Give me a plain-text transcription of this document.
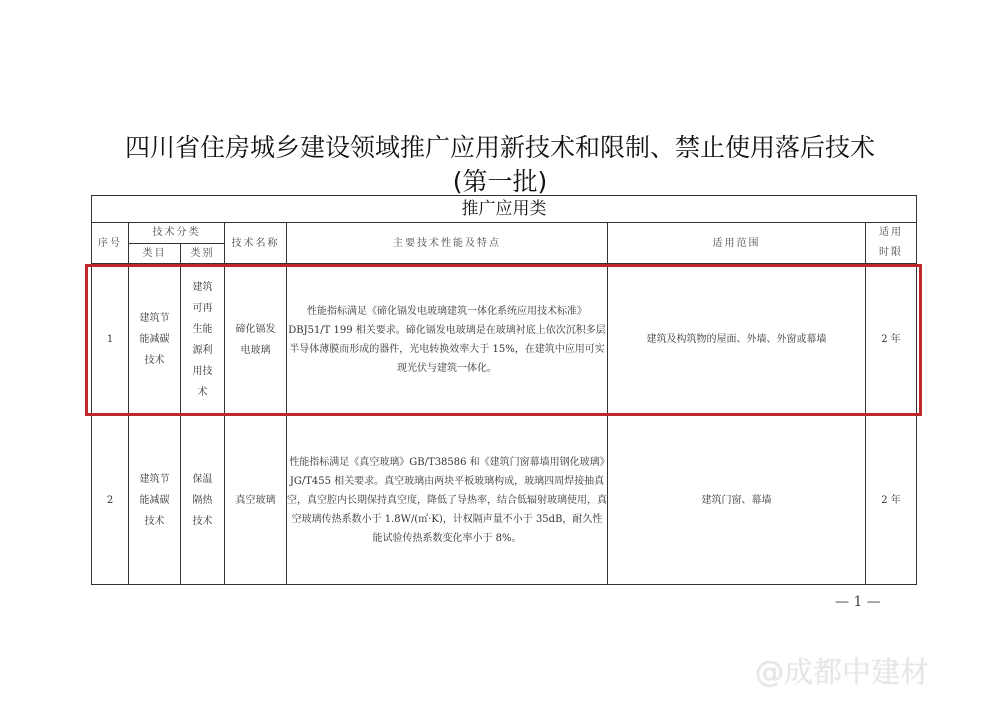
四川省住房城乡建设领域推广应用新技术和限制、禁止使用落后技术
(第一批)
推广应用类						
序号	技术分类		技术名称	主要技术性能及特点	适用范围	适用时限
	类目	类别				
1	建筑节能减碳技术	建筑可再生能源利用技术	碲化镉发电玻璃	性能指标满足《碲化镉发电玻璃建筑一体化系统应用技术标准》DBJ51/T 199 相关要求。碲化镉发电玻璃是在玻璃衬底上依次沉积多层半导体薄膜而形成的器件，光电转换效率大于 15%，在建筑中应用可实现光伏与建筑一体化。	建筑及构筑物的屋面、外墙、外窗或幕墙	2 年
2	建筑节能减碳技术	保温隔热技术	真空玻璃	性能指标满足《真空玻璃》GB/T38586 和《建筑门窗幕墙用钢化玻璃》JG/T455 相关要求。真空玻璃由两块平板玻璃构成，玻璃四周焊接抽真空，真空腔内长期保持真空度，降低了导热率，结合低辐射玻璃使用，真空玻璃传热系数小于 1.8W/(㎡·K)，计权隔声量不小于 35dB，耐久性能试验传热系数变化率小于 8%。	建筑门窗、幕墙	2 年
— 1 —
@成都中建材
